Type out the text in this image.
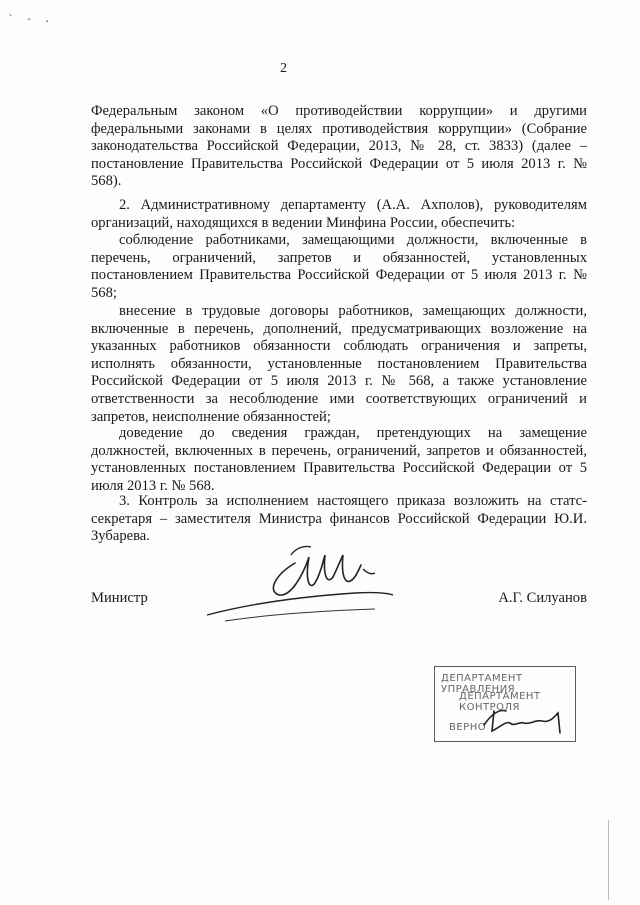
` - .
2

Федеральным законом «О противодействии коррупции» и другими федеральными законами в целях противодействия коррупции» (Собрание законодательства Российской Федерации, 2013, № 28, ст. 3833) (далее – постановление Правительства Российской Федерации от 5 июля 2013 г. № 568).

2. Административному департаменту (А.А. Ахполов), руководителям организаций, находящихся в ведении Минфина России, обеспечить:

соблюдение работниками, замещающими должности, включенные в перечень, ограничений, запретов и обязанностей, установленных постановлением Правительства Российской Федерации от 5 июля 2013 г. № 568;

внесение в трудовые договоры работников, замещающих должности, включенные в перечень, дополнений, предусматривающих возложение на указанных работников обязанности соблюдать ограничения и запреты, исполнять обязанности, установленные постановлением Правительства Российской Федерации от 5 июля 2013 г. № 568, а также установление ответственности за несоблюдение ими соответствующих ограничений и запретов, неисполнение обязанностей;

доведение до сведения граждан, претендующих на замещение должностей, включенных в перечень, ограничений, запретов и обязанностей, установленных постановлением Правительства Российской Федерации от 5 июля 2013 г. № 568.

3. Контроль за исполнением настоящего приказа возложить на статс-секретаря – заместителя Министра финансов Российской Федерации Ю.И. Зубарева.

Министр	А.Г. Силуанов
ДЕПАРТАМЕНТ УПРАВЛЕНИЯ
ДЕПАРТАМЕНТ КОНТРОЛЯ
ВЕРНО
